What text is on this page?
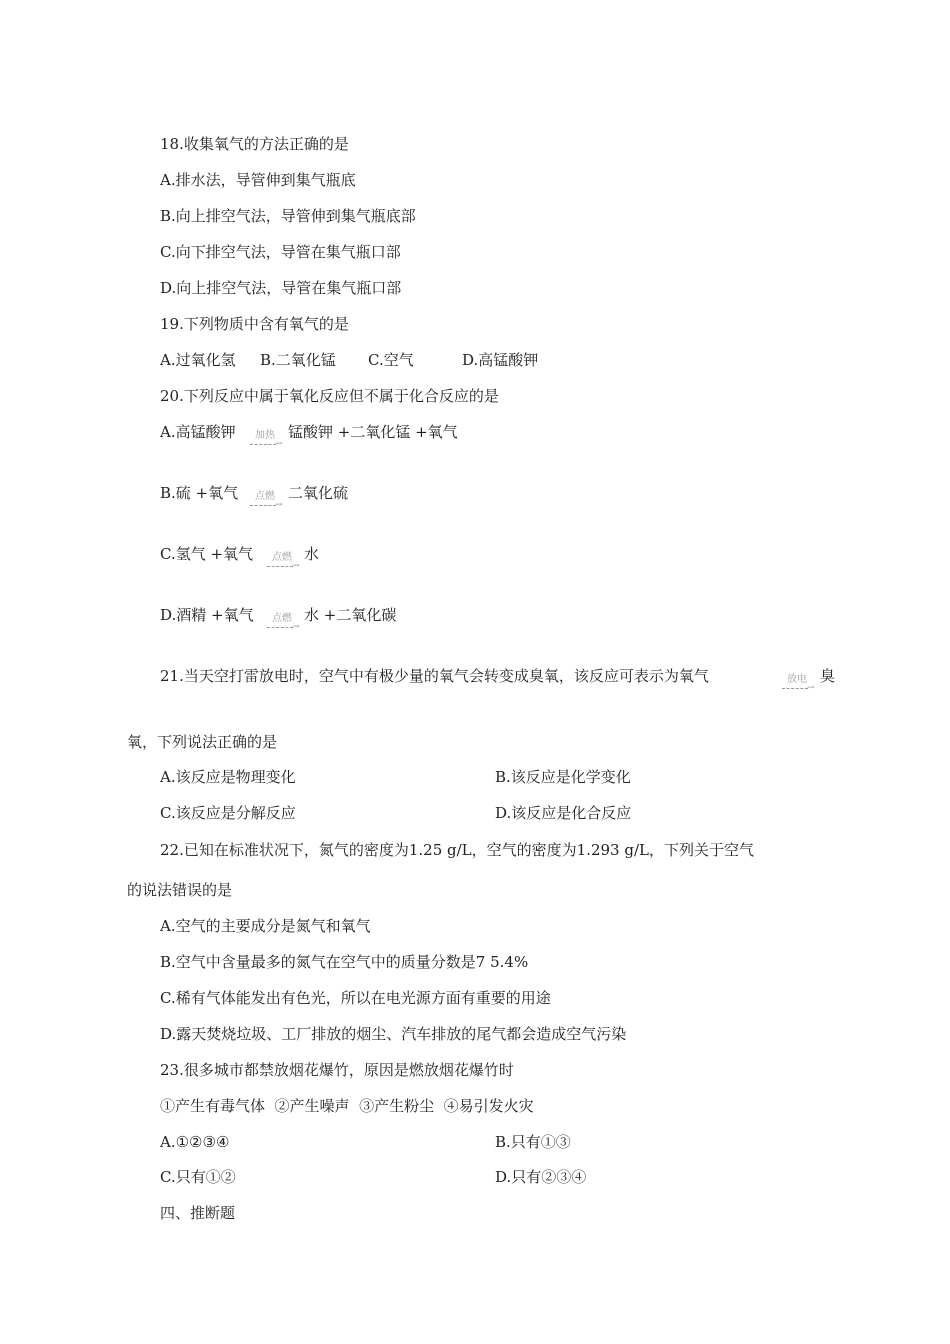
18.收集氧气的方法正确的是
A.排水法，导管伸到集气瓶底
B.向上排空气法，导管伸到集气瓶底部
C.向下排空气法，导管在集气瓶口部
D.向上排空气法，导管在集气瓶口部
19.下列物质中含有氧气的是
A.过氧化氢 B.二氧化锰 C.空气	D.高锰酸钾
20.下列反应中属于氧化反应但不属于化合反应的是
A.高锰酸钾	加热
→
锰酸钾 +二氧化锰 +氧气
B.硫 +氧气	点燃
→
二氧化硫
C.氢气 +氧气	点燃
→
水
D.酒精 +氧气	点燃
→
水 +二氧化碳
21.当天空打雷放电时，空气中有极少量的氧气会转变成臭氧，该反应可表示为氧气	放电
→
臭
氧，下列说法正确的是
A.该反应是物理变化	B.该反应是化学变化
C.该反应是分解反应	D.该反应是化合反应
22.已知在标准状况下，氮气的密度为1.25 g/L，空气的密度为1.293 g/L，下列关于空气
的说法错误的是
A.空气的主要成分是氮气和氧气
B.空气中含量最多的氮气在空气中的质量分数是7 5.4%
C.稀有气体能发出有色光，所以在电光源方面有重要的用途
D.露天焚烧垃圾、工厂排放的烟尘、汽车排放的尾气都会造成空气污染
23.很多城市都禁放烟花爆竹，原因是燃放烟花爆竹时
①产生有毒气体  ②产生噪声  ③产生粉尘  ④易引发火灾
A.①②③④	B.只有①③
C.只有①②	D.只有②③④
四、推断题
